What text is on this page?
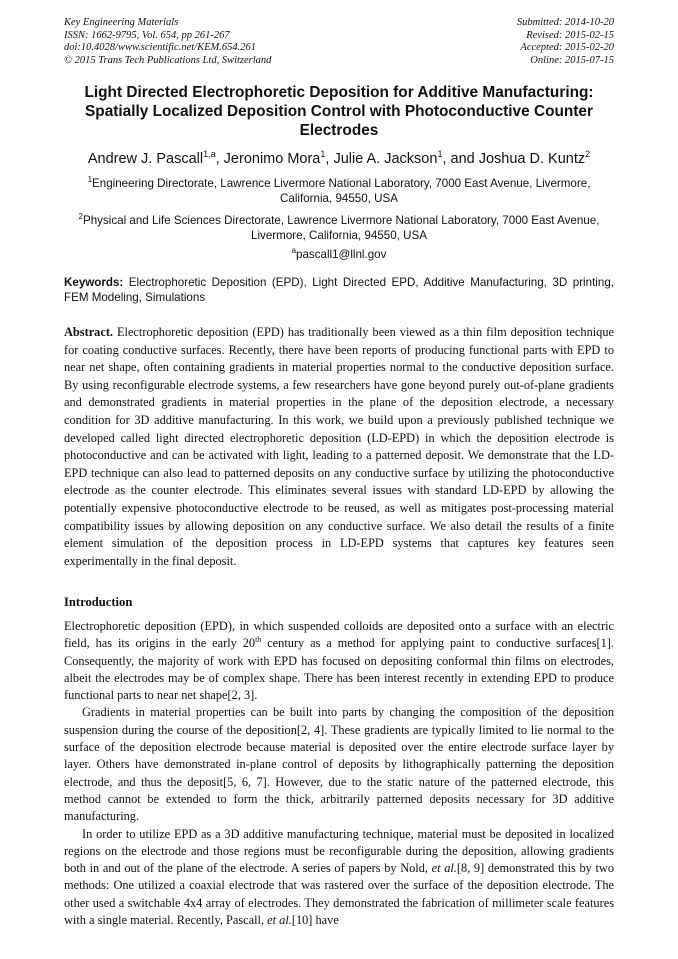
Key Engineering Materials
ISSN: 1662-9795, Vol. 654, pp 261-267
doi:10.4028/www.scientific.net/KEM.654.261
© 2015 Trans Tech Publications Ltd, Switzerland
Submitted: 2014-10-20
Revised: 2015-02-15
Accepted: 2015-02-20
Online: 2015-07-15
Light Directed Electrophoretic Deposition for Additive Manufacturing: Spatially Localized Deposition Control with Photoconductive Counter Electrodes
Andrew J. Pascall$^{1,a}$, Jeronimo Mora$^1$, Julie A. Jackson$^1$, and Joshua D. Kuntz$^2$
$^1$Engineering Directorate, Lawrence Livermore National Laboratory, 7000 East Avenue, Livermore, California, 94550, USA
$^2$Physical and Life Sciences Directorate, Lawrence Livermore National Laboratory, 7000 East Avenue, Livermore, California, 94550, USA
$^a$pascall1@llnl.gov
Keywords: Electrophoretic Deposition (EPD), Light Directed EPD, Additive Manufacturing, 3D printing, FEM Modeling, Simulations
Abstract. Electrophoretic deposition (EPD) has traditionally been viewed as a thin film deposition technique for coating conductive surfaces. Recently, there have been reports of producing functional parts with EPD to near net shape, often containing gradients in material properties normal to the conductive deposition surface. By using reconfigurable electrode systems, a few researchers have gone beyond purely out-of-plane gradients and demonstrated gradients in material properties in the plane of the deposition electrode, a necessary condition for 3D additive manufacturing. In this work, we build upon a previously published technique we developed called light directed electrophoretic deposition (LD-EPD) in which the deposition electrode is photoconductive and can be activated with light, leading to a patterned deposit. We demonstrate that the LD-EPD technique can also lead to patterned deposits on any conductive surface by utilizing the photoconductive electrode as the counter electrode. This eliminates several issues with standard LD-EPD by allowing the potentially expensive photoconductive electrode to be reused, as well as mitigates post-processing material compatibility issues by allowing deposition on any conductive surface. We also detail the results of a finite element simulation of the deposition process in LD-EPD systems that captures key features seen experimentally in the final deposit.
Introduction

Electrophoretic deposition (EPD), in which suspended colloids are deposited onto a surface with an electric field, has its origins in the early 20th century as a method for applying paint to conductive surfaces[1]. Consequently, the majority of work with EPD has focused on depositing conformal thin films on electrodes, albeit the electrodes may be of complex shape. There has been interest recently in extending EPD to produce functional parts to near net shape[2, 3].

Gradients in material properties can be built into parts by changing the composition of the deposition suspension during the course of the deposition[2, 4]. These gradients are typically limited to lie normal to the surface of the deposition electrode because material is deposited over the entire electrode surface layer by layer. Others have demonstrated in-plane control of deposits by lithographically patterning the deposition electrode, and thus the deposit[5, 6, 7]. However, due to the static nature of the patterned electrode, this method cannot be extended to form the thick, arbitrarily patterned deposits necessary for 3D additive manufacturing.

In order to utilize EPD as a 3D additive manufacturing technique, material must be deposited in localized regions on the electrode and those regions must be reconfigurable during the deposition, allowing gradients both in and out of the plane of the electrode. A series of papers by Nold, et al.[8, 9] demonstrated this by two methods: One utilized a coaxial electrode that was rastered over the surface of the deposition electrode. The other used a switchable 4x4 array of electrodes. They demonstrated the fabrication of millimeter scale features with a single material. Recently, Pascall, et al.[10] have
